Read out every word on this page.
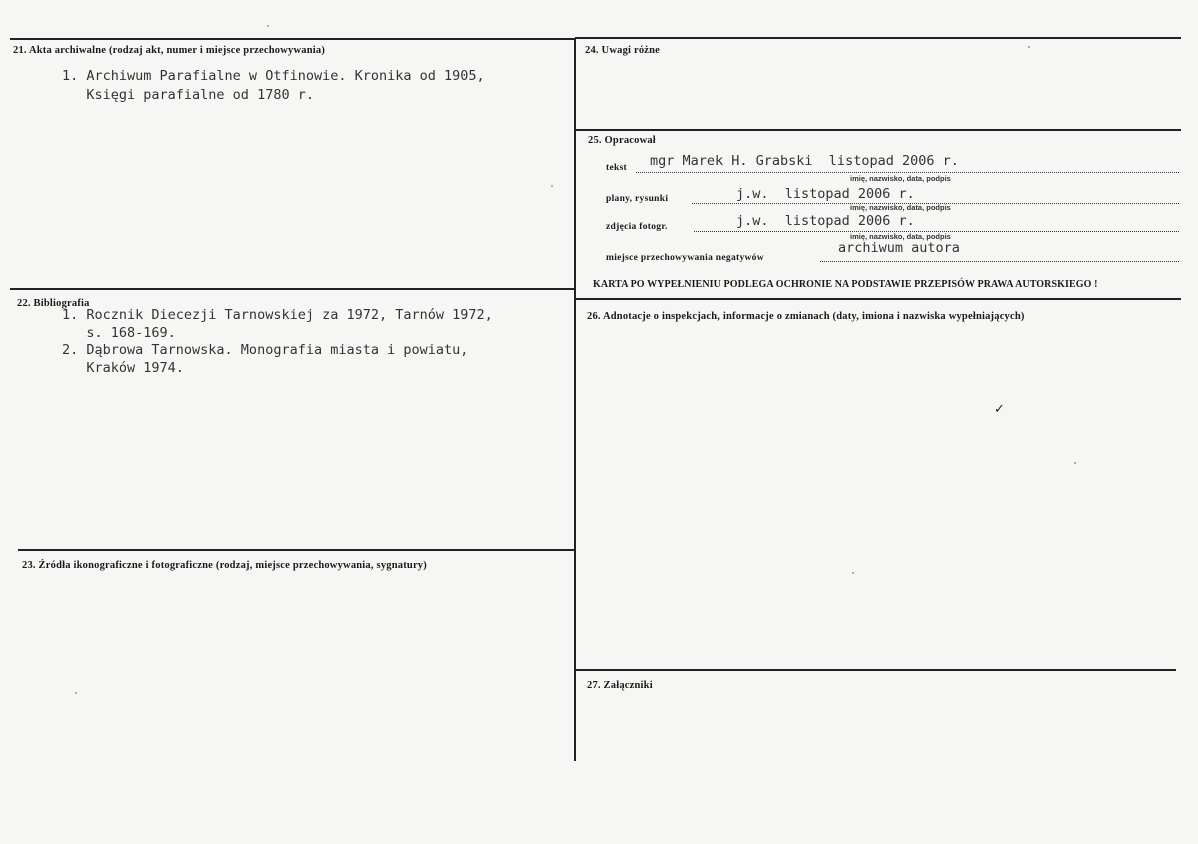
21. Akta archiwalne (rodzaj akt, numer i miejsce przechowywania)
1. Archiwum Parafialne w Otfinowie. Kronika od 1905,
Księgi parafialne od 1780 r.
22. Bibliografia
1. Rocznik Diecezji Tarnowskiej za 1972, Tarnów 1972,
s. 168-169.
2. Dąbrowa Tarnowska. Monografia miasta i powiatu,
Kraków 1974.
23. Źródła ikonograficzne i fotograficzne (rodzaj, miejsce przechowywania, sygnatury)
24. Uwagi różne
25. Opracował
tekst mgr Marek H. Grabski  listopad 2006 r.
imię, nazwisko, data, podpis
plany, rysunki	j.w.  listopad 2006 r.
imię, nazwisko, data, podpis
zdjęcia fotogr.	j.w.  listopad 2006 r.
imię, nazwisko, data, podpis
miejsce przechowywania negatywów
archiwum autora
KARTA PO WYPEŁNIENIU PODLEGA OCHRONIE NA PODSTAWIE PRZEPISÓW PRAWA AUTORSKIEGO !
26. Adnotacje o inspekcjach, informacje o zmianach (daty, imiona i nazwiska wypełniających)
✓
27. Załączniki
